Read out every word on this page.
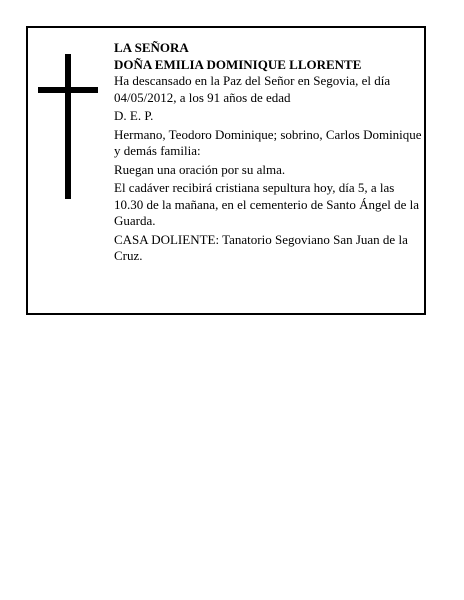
LA SEÑORA

DOÑA EMILIA DOMINIQUE LLORENTE

Ha descansado en la Paz del Señor en Segovia, el día 04/05/2012, a los 91 años de edad

D. E. P.

Hermano, Teodoro Dominique; sobrino, Carlos Dominique y demás familia:

Ruegan una oración por su alma.

El cadáver recibirá cristiana sepultura hoy, día 5, a las 10.30 de la mañana, en el cementerio de Santo Ángel de la Guarda.

CASA DOLIENTE: Tanatorio Segoviano San Juan de la Cruz.
